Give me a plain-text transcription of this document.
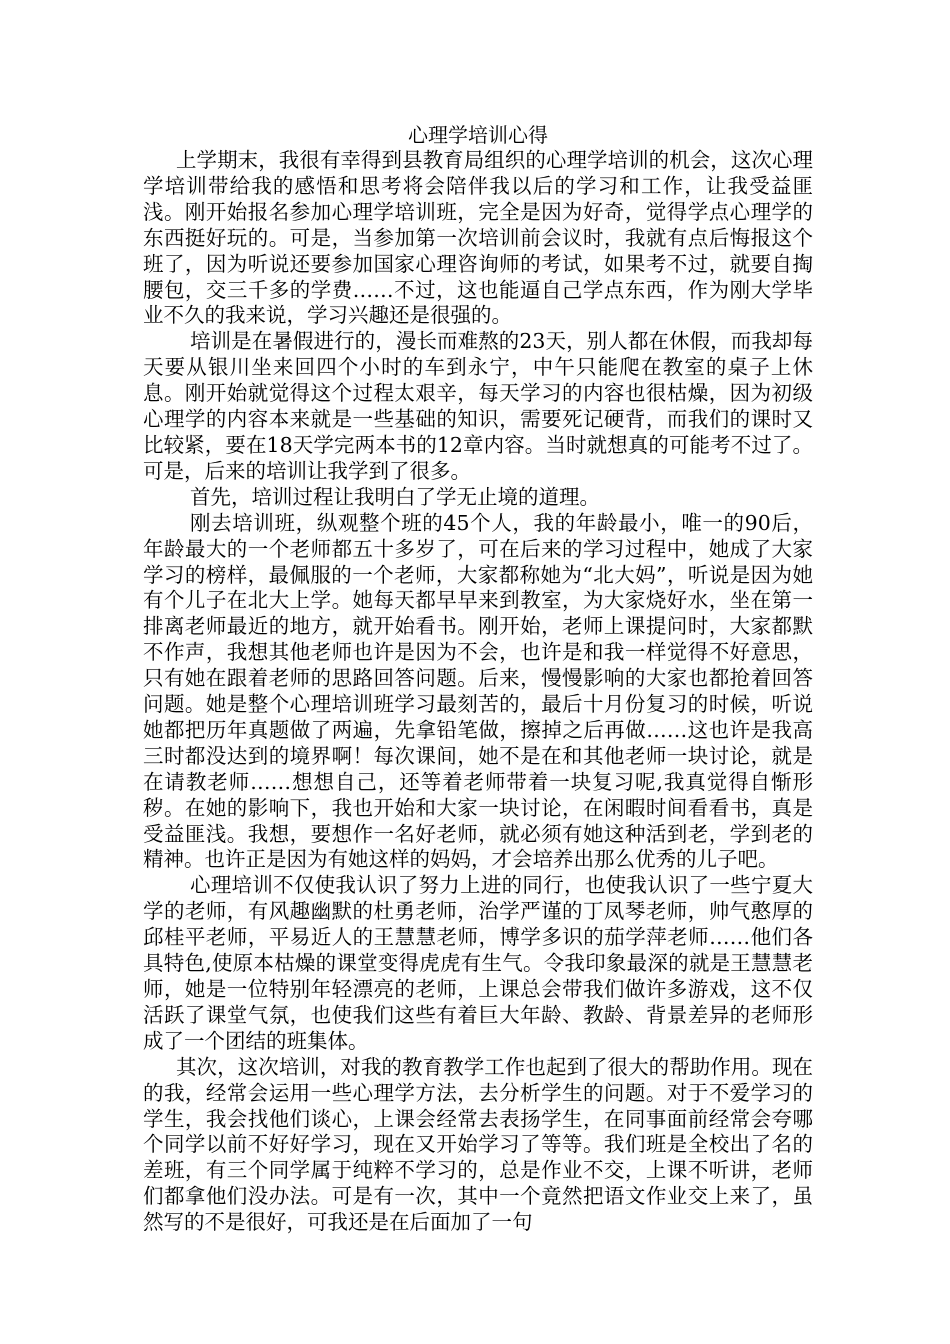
心理学培训心得

上学期末，我很有幸得到县教育局组织的心理学培训的机会，这次心理学培训带给我的感悟和思考将会陪伴我以后的学习和工作，让我受益匪浅。刚开始报名参加心理学培训班，完全是因为好奇，觉得学点心理学的东西挺好玩的。可是，当参加第一次培训前会议时，我就有点后悔报这个班了，因为听说还要参加国家心理咨询师的考试，如果考不过，就要自掏腰包，交三千多的学费……不过，这也能逼自己学点东西，作为刚大学毕业不久的我来说，学习兴趣还是很强的。

培训是在暑假进行的，漫长而难熬的23天，别人都在休假，而我却每天要从银川坐来回四个小时的车到永宁，中午只能爬在教室的桌子上休息。刚开始就觉得这个过程太艰辛，每天学习的内容也很枯燥，因为初级心理学的内容本来就是一些基础的知识，需要死记硬背，而我们的课时又比较紧，要在18天学完两本书的12章内容。当时就想真的可能考不过了。可是，后来的培训让我学到了很多。

首先，培训过程让我明白了学无止境的道理。

刚去培训班，纵观整个班的45个人，我的年龄最小，唯一的90后，年龄最大的一个老师都五十多岁了，可在后来的学习过程中，她成了大家学习的榜样，最佩服的一个老师，大家都称她为“北大妈”，听说是因为她有个儿子在北大上学。她每天都早早来到教室，为大家烧好水，坐在第一排离老师最近的地方，就开始看书。刚开始，老师上课提问时，大家都默不作声，我想其他老师也许是因为不会，也许是和我一样觉得不好意思，只有她在跟着老师的思路回答问题。后来，慢慢影响的大家也都抢着回答问题。她是整个心理培训班学习最刻苦的，最后十月份复习的时候，听说她都把历年真题做了两遍，先拿铅笔做，擦掉之后再做……这也许是我高三时都没达到的境界啊！每次课间，她不是在和其他老师一块讨论，就是在请教老师……想想自己，还等着老师带着一块复习呢,我真觉得自惭形秽。在她的影响下，我也开始和大家一块讨论，在闲暇时间看看书，真是受益匪浅。我想，要想作一名好老师，就必须有她这种活到老，学到老的精神。也许正是因为有她这样的妈妈，才会培养出那么优秀的儿子吧。

心理培训不仅使我认识了努力上进的同行，也使我认识了一些宁夏大学的老师，有风趣幽默的杜勇老师，治学严谨的丁凤琴老师，帅气憨厚的邱桂平老师，平易近人的王慧慧老师，博学多识的茄学萍老师……他们各具特色,使原本枯燥的课堂变得虎虎有生气。令我印象最深的就是王慧慧老师，她是一位特别年轻漂亮的老师，上课总会带我们做许多游戏，这不仅活跃了课堂气氛，也使我们这些有着巨大年龄、教龄、背景差异的老师形成了一个团结的班集体。

其次，这次培训，对我的教育教学工作也起到了很大的帮助作用。现在的我，经常会运用一些心理学方法，去分析学生的问题。对于不爱学习的学生，我会找他们谈心，上课会经常去表扬学生，在同事面前经常会夸哪个同学以前不好好学习，现在又开始学习了等等。我们班是全校出了名的差班，有三个同学属于纯粹不学习的，总是作业不交，上课不听讲，老师们都拿他们没办法。可是有一次，其中一个竟然把语文作业交上来了，虽然写的不是很好，可我还是在后面加了一句
